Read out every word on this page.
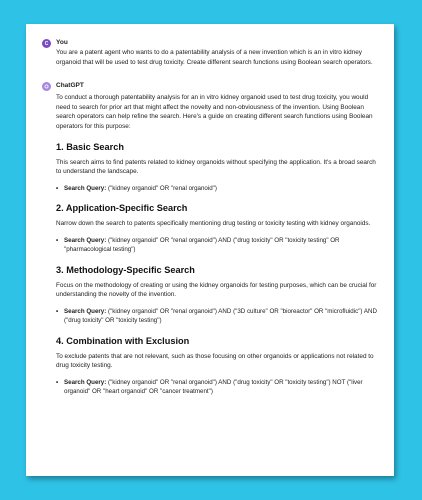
C You

You are a patent agent who wants to do a patentability analysis of a new invention which is an in vitro kidney organoid that will be used to test drug toxicity. Create different search functions using Boolean search operators.

ChatGPT

To conduct a thorough patentability analysis for an in vitro kidney organoid used to test drug toxicity, you would need to search for prior art that might affect the novelty and non-obviousness of the invention. Using Boolean search operators can help refine the search. Here's a guide on creating different search functions using Boolean operators for this purpose:

1. Basic Search

This search aims to find patents related to kidney organoids without specifying the application. It's a broad search to understand the landscape.

• Search Query: ("kidney organoid" OR "renal organoid")
2. Application-Specific Search

Narrow down the search to patents specifically mentioning drug testing or toxicity testing with kidney organoids.

• Search Query: ("kidney organoid" OR "renal organoid") AND ("drug toxicity" OR "toxicity testing" OR "pharmacological testing")
3. Methodology-Specific Search

Focus on the methodology of creating or using the kidney organoids for testing purposes, which can be crucial for understanding the novelty of the invention.

• Search Query: ("kidney organoid" OR "renal organoid") AND ("3D culture" OR "bioreactor" OR "microfluidic") AND ("drug toxicity" OR "toxicity testing")
4. Combination with Exclusion

To exclude patents that are not relevant, such as those focusing on other organoids or applications not related to drug toxicity testing.

• Search Query: ("kidney organoid" OR "renal organoid") AND ("drug toxicity" OR "toxicity testing") NOT ("liver organoid" OR "heart organoid" OR "cancer treatment")
